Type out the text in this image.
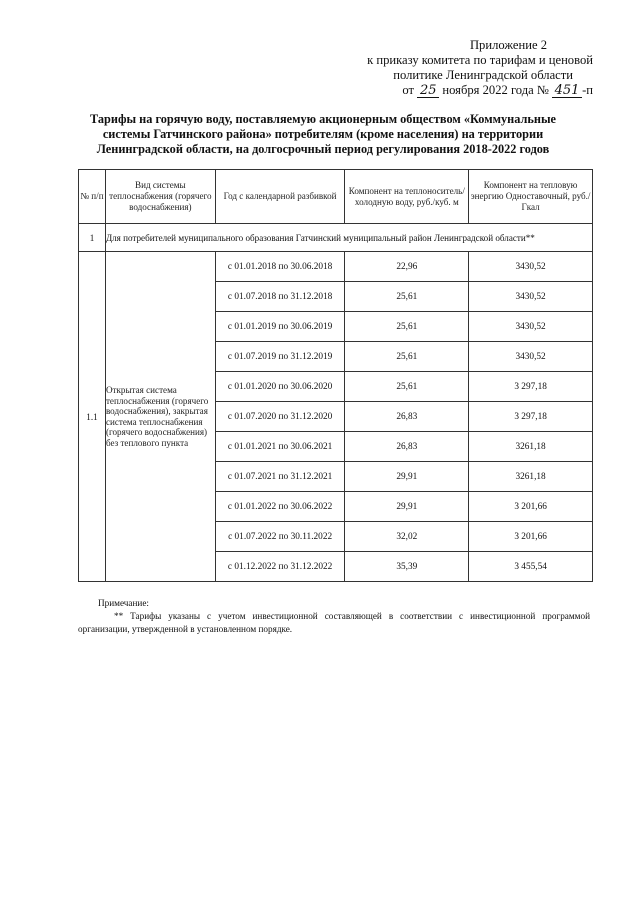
Приложение 2
к приказу комитета по тарифам и ценовой
политике Ленинградской области
от 25 ноября 2022 года № 451 -п
Тарифы на горячую воду, поставляемую акционерным обществом «Коммунальные системы Гатчинского района» потребителям (кроме населения) на территории Ленинградской области, на долгосрочный период регулирования 2018-2022 годов
№ п/п	Вид системы теплоснабжения (горячего водоснабжения)	Год с календарной разбивкой	Компонент на теплоноситель/холодную воду, руб./куб. м	Компонент на тепловую энергию Одноставочный, руб./Гкал
1	Для потребителей муниципального образования Гатчинский муниципальный район Ленинградской области**			
1.1	Открытая система теплоснабжения (горячего водоснабжения), закрытая система теплоснабжения (горячего водоснабжения) без теплового пункта	с 01.01.2018 по 30.06.2018	22,96	3430,52
		с 01.07.2018 по 31.12.2018	25,61	3430,52
		с 01.01.2019 по 30.06.2019	25,61	3430,52
		с 01.07.2019 по 31.12.2019	25,61	3430,52
		с 01.01.2020 по 30.06.2020	25,61	3 297,18
		с 01.07.2020 по 31.12.2020	26,83	3 297,18
		с 01.01.2021 по 30.06.2021	26,83	3261,18
		с 01.07.2021 по 31.12.2021	29,91	3261,18
		с 01.01.2022 по 30.06.2022	29,91	3 201,66
		с 01.07.2022 по 30.11.2022	32,02	3 201,66
		с 01.12.2022 по 31.12.2022	35,39	3 455,54
Примечание:
** Тарифы указаны с учетом инвестиционной составляющей в соответствии с инвестиционной программой организации, утвержденной в установленном порядке.
